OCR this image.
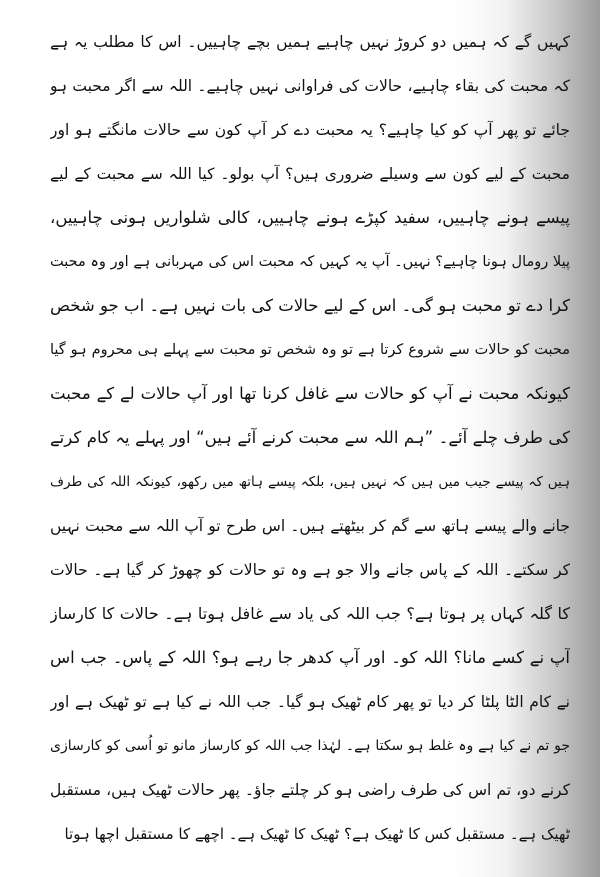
کہیں گے کہ ہمیں دو کروڑ نہیں چاہیے ہمیں بچے چاہییں۔ اس کا مطلب یہ ہے
کہ محبت کی بقاء چاہیے، حالات کی فراوانی نہیں چاہیے۔ اللہ سے اگر محبت ہو
جائے تو پھر آپ کو کیا چاہیے؟ یہ محبت دے کر آپ کون سے حالات مانگتے ہو اور
محبت کے لیے کون سے وسیلے ضروری ہیں؟ آپ بولو۔ کیا اللہ سے محبت کے لیے
پیسے ہونے چاہییں، سفید کپڑے ہونے چاہییں، کالی شلواریں ہونی چاہییں،
پیلا رومال ہونا چاہیے؟ نہیں۔ آپ یہ کہیں کہ محبت اس کی مہربانی ہے اور وہ محبت
کرا دے تو محبت ہو گی۔ اس کے لیے حالات کی بات نہیں ہے۔ اب جو شخص
محبت کو حالات سے شروع کرتا ہے تو وہ شخص تو محبت سے پہلے ہی محروم ہو گیا
کیونکہ محبت نے آپ کو حالات سے غافل کرنا تھا اور آپ حالات لے کے محبت
کی طرف چلے آئے۔ ”ہم اللہ سے محبت کرنے آئے ہیں“ اور پہلے یہ کام کرتے
ہیں کہ پیسے جیب میں ہیں کہ نہیں ہیں، بلکہ پیسے ہاتھ میں رکھو، کیونکہ اللہ کی طرف
جانے والے پیسے ہاتھ سے گم کر بیٹھتے ہیں۔ اس طرح تو آپ اللہ سے محبت نہیں
کر سکتے۔ اللہ کے پاس جانے والا جو ہے وہ تو حالات کو چھوڑ کر گیا ہے۔ حالات
کا گلہ کہاں پر ہوتا ہے؟ جب اللہ کی یاد سے غافل ہوتا ہے۔ حالات کا کارساز
آپ نے کسے مانا؟ اللہ کو۔ اور آپ کدھر جا رہے ہو؟ اللہ کے پاس۔ جب اس
نے کام الٹا پلٹا کر دیا تو پھر کام ٹھیک ہو گیا۔ جب اللہ نے کیا ہے تو ٹھیک ہے اور
جو تم نے کیا ہے وہ غلط ہو سکتا ہے۔ لہٰذا جب اللہ کو کارساز مانو تو اُسی کو کارسازی
کرنے دو، تم اس کی طرف راضی ہو کر چلتے جاؤ۔ پھر حالات ٹھیک ہیں، مستقبل
ٹھیک ہے۔ مستقبل کس کا ٹھیک ہے؟ ٹھیک کا ٹھیک ہے۔ اچھے کا مستقبل اچھا ہوتا
